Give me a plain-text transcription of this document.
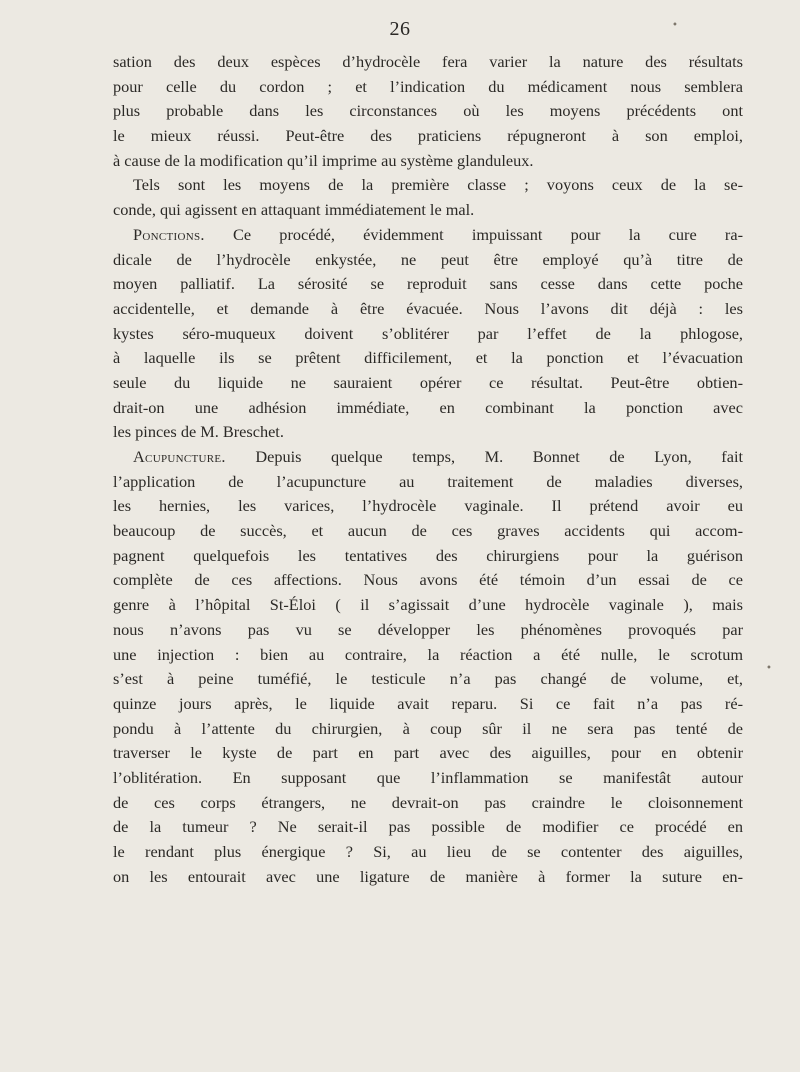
26
sation des deux espèces d’hydrocèle fera varier la nature des résultats
pour celle du cordon ; et l’indication du médicament nous semblera
plus probable dans les circonstances où les moyens précédents ont
le mieux réussi. Peut-être des praticiens répugneront à son emploi,
à cause de la modification qu’il imprime au système glanduleux.
Tels sont les moyens de la première classe ; voyons ceux de la se-
conde, qui agissent en attaquant immédiatement le mal.
Ponctions. Ce procédé, évidemment impuissant pour la cure ra-
dicale de l’hydrocèle enkystée, ne peut être employé qu’à titre de
moyen palliatif. La sérosité se reproduit sans cesse dans cette poche
accidentelle, et demande à être évacuée. Nous l’avons dit déjà : les
kystes séro-muqueux doivent s’oblitérer par l’effet de la phlogose,
à laquelle ils se prêtent difficilement, et la ponction et l’évacuation
seule du liquide ne sauraient opérer ce résultat. Peut-être obtien-
drait-on une adhésion immédiate, en combinant la ponction avec
les pinces de M. Breschet.
Acupuncture. Depuis quelque temps, M. Bonnet de Lyon, fait
l’application de l’acupuncture au traitement de maladies diverses,
les hernies, les varices, l’hydrocèle vaginale. Il prétend avoir eu
beaucoup de succès, et aucun de ces graves accidents qui accom-
pagnent quelquefois les tentatives des chirurgiens pour la guérison
complète de ces affections. Nous avons été témoin d’un essai de ce
genre à l’hôpital St-Éloi ( il s’agissait d’une hydrocèle vaginale ), mais
nous n’avons pas vu se développer les phénomènes provoqués par
une injection : bien au contraire, la réaction a été nulle, le scrotum
s’est à peine tuméfié, le testicule n’a pas changé de volume, et,
quinze jours après, le liquide avait reparu. Si ce fait n’a pas ré-
pondu à l’attente du chirurgien, à coup sûr il ne sera pas tenté de
traverser le kyste de part en part avec des aiguilles, pour en obtenir
l’oblitération. En supposant que l’inflammation se manifestât autour
de ces corps étrangers, ne devrait-on pas craindre le cloisonnement
de la tumeur ? Ne serait-il pas possible de modifier ce procédé en
le rendant plus énergique ? Si, au lieu de se contenter des aiguilles,
on les entourait avec une ligature de manière à former la suture en-
•
•
